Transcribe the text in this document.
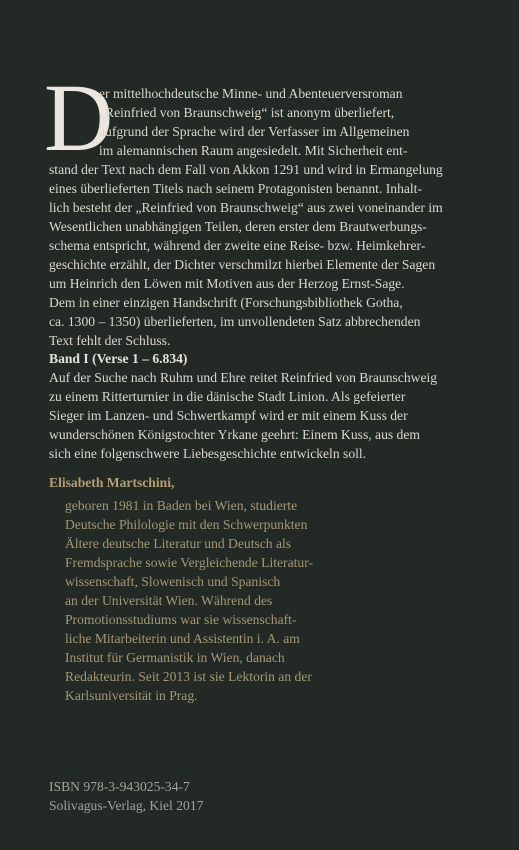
D
er mittelhochdeutsche Minne- und Abenteuerversroman
„Reinfried von Braunschweig“ ist anonym überliefert,
aufgrund der Sprache wird der Verfasser im Allgemeinen
im alemannischen Raum angesiedelt. Mit Sicherheit ent-
stand der Text nach dem Fall von Akkon 1291 und wird in Ermangelung
eines überlieferten Titels nach seinem Protagonisten benannt. Inhalt-
lich besteht der „Reinfried von Braunschweig“ aus zwei voneinander im
Wesentlichen unabhängigen Teilen, deren erster dem Brautwerbungs-
schema entspricht, während der zweite eine Reise- bzw. Heimkehrer-
geschichte erzählt, der Dichter verschmilzt hierbei Elemente der Sagen
um Heinrich den Löwen mit Motiven aus der Herzog Ernst-Sage.
Dem in einer einzigen Handschrift (Forschungsbibliothek Gotha,
ca. 1300 – 1350) überlieferten, im unvollendeten Satz abbrechenden
Text fehlt der Schluss.
Band I (Verse 1 – 6.834)
Auf der Suche nach Ruhm und Ehre reitet Reinfried von Braunschweig
zu einem Ritterturnier in die dänische Stadt Linion. Als gefeierter
Sieger im Lanzen- und Schwertkampf wird er mit einem Kuss der
wunderschönen Königstochter Yrkane geehrt: Einem Kuss, aus dem
sich eine folgenschwere Liebesgeschichte entwickeln soll.
Elisabeth Martschini,
geboren 1981 in Baden bei Wien, studierte
Deutsche Philologie mit den Schwerpunkten
Ältere deutsche Literatur und Deutsch als
Fremdsprache sowie Vergleichende Literatur-
wissenschaft, Slowenisch und Spanisch
an der Universität Wien. Während des
Promotionsstudiums war sie wissenschaft-
liche Mitarbeiterin und Assistentin i. A. am
Institut für Germanistik in Wien, danach
Redakteurin. Seit 2013 ist sie Lektorin an der
Karlsuniversität in Prag.
ISBN 978-3-943025-34-7
Solivagus-Verlag, Kiel 2017
